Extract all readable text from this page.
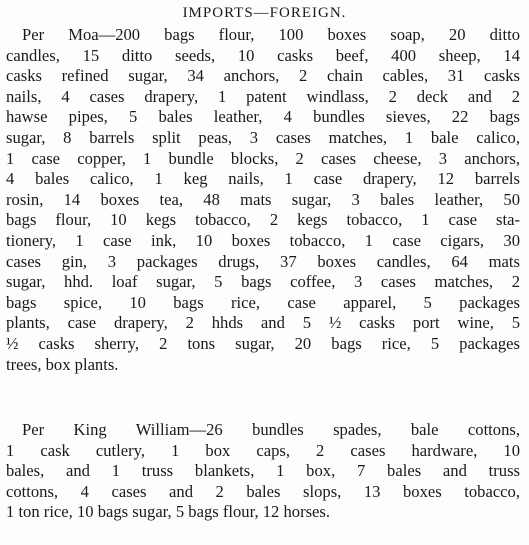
IMPORTS—FOREIGN.
Per Moa—200 bags flour, 100 boxes soap, 20 ditto
candles, 15 ditto seeds, 10 casks beef, 400 sheep, 14
casks refined sugar, 34 anchors, 2 chain cables, 31 casks
nails, 4 cases drapery, 1 patent windlass, 2 deck and 2
hawse pipes, 5 bales leather, 4 bundles sieves, 22 bags
sugar, 8 barrels split peas, 3 cases matches, 1 bale calico,
1 case copper, 1 bundle blocks, 2 cases cheese, 3 anchors,
4 bales calico, 1 keg nails, 1 case drapery, 12 barrels
rosin, 14 boxes tea, 48 mats sugar, 3 bales leather, 50
bags flour, 10 kegs tobacco, 2 kegs tobacco, 1 case sta-
tionery, 1 case ink, 10 boxes tobacco, 1 case cigars, 30
cases gin, 3 packages drugs, 37 boxes candles, 64 mats
sugar, hhd. loaf sugar, 5 bags coffee, 3 cases matches, 2
bags spice, 10 bags rice, case apparel, 5 packages
plants, case drapery, 2 hhds and 5 ½ casks port wine, 5
½ casks sherry, 2 tons sugar, 20 bags rice, 5 packages
trees, box plants.
Per King William—26 bundles spades, bale cottons,
1 cask cutlery, 1 box caps, 2 cases hardware, 10
bales, and 1 truss blankets, 1 box, 7 bales and truss
cottons, 4 cases and 2 bales slops, 13 boxes tobacco,
1 ton rice, 10 bags sugar, 5 bags flour, 12 horses.
